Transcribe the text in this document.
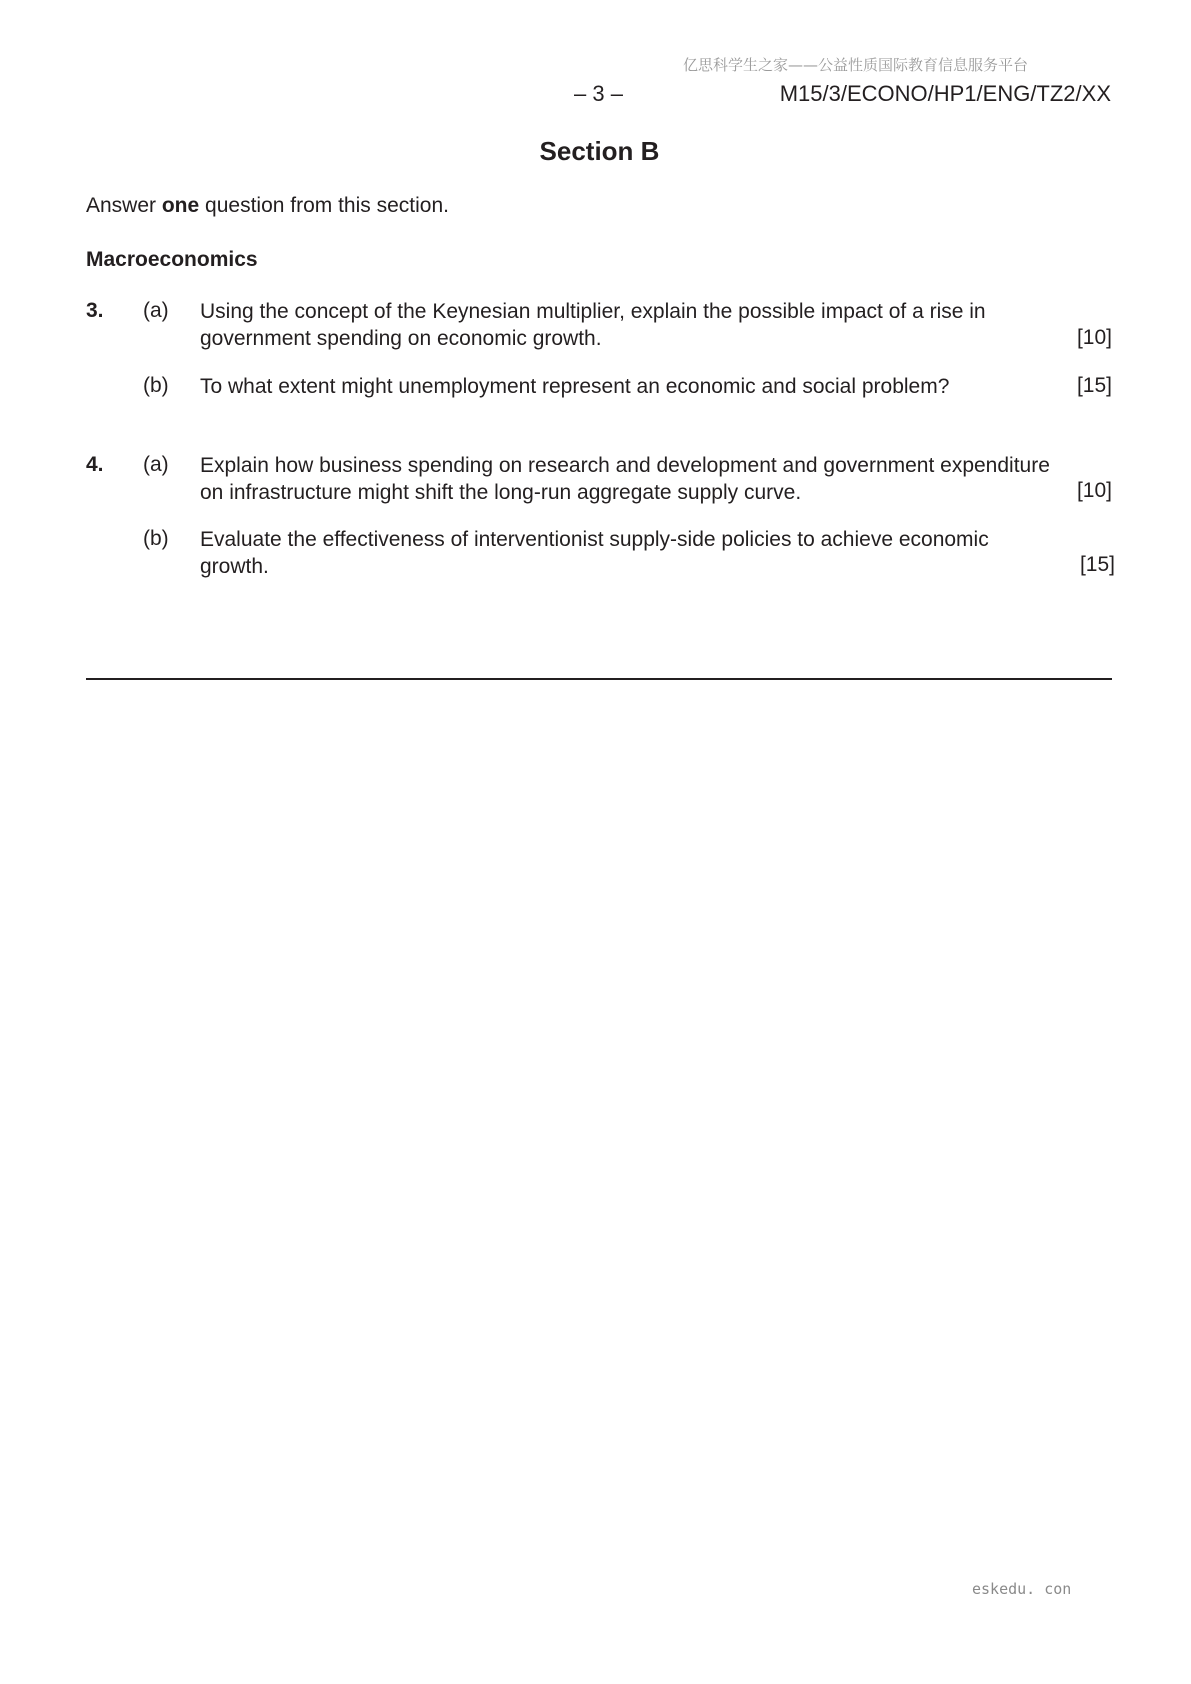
亿思科学生之家——公益性质国际教育信息服务平台
– 3 –	M15/3/ECONO/HP1/ENG/TZ2/XX
Section B
Answer one question from this section.
Macroeconomics
3. (a) Using the concept of the Keynesian multiplier, explain the possible impact of a rise in government spending on economic growth.	[10]
(b) To what extent might unemployment represent an economic and social problem?	[15]
4. (a) Explain how business spending on research and development and government expenditure on infrastructure might shift the long-run aggregate supply curve.	[10]
(b) Evaluate the effectiveness of interventionist supply-side policies to achieve economic growth.	[15]
eskedu. con
